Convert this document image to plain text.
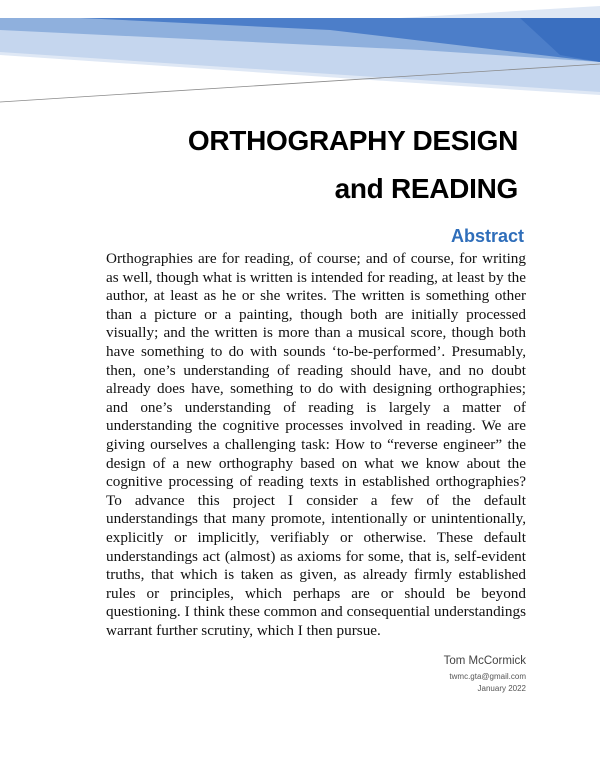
ORTHOGRAPHY DESIGN
and READING
Abstract
Orthographies are for reading, of course; and of course, for writing as well, though what is written is intended for reading, at least by the author, at least as he or she writes. The written is something other than a picture or a painting, though both are initially processed visually; and the written is more than a musical score, though both have something to do with sounds ‘to-be-performed’. Presumably, then, one’s understanding of reading should have, and no doubt already does have, something to do with designing orthographies; and one’s understanding of reading is largely a matter of understanding the cognitive processes involved in reading. We are giving ourselves a challenging task: How to “reverse engineer” the design of a new orthography based on what we know about the cognitive processing of reading texts in established orthographies? To advance this project I consider a few of the default understandings that many promote, intentionally or unintentionally, explicitly or implicitly, verifiably or otherwise. These default understandings act (almost) as axioms for some, that is, self-evident truths, that which is taken as given, as already firmly established rules or principles, which perhaps are or should be beyond questioning. I think these common and consequential understandings warrant further scrutiny, which I then pursue.
Tom McCormick
twmc.gta@gmail.com
January 2022
